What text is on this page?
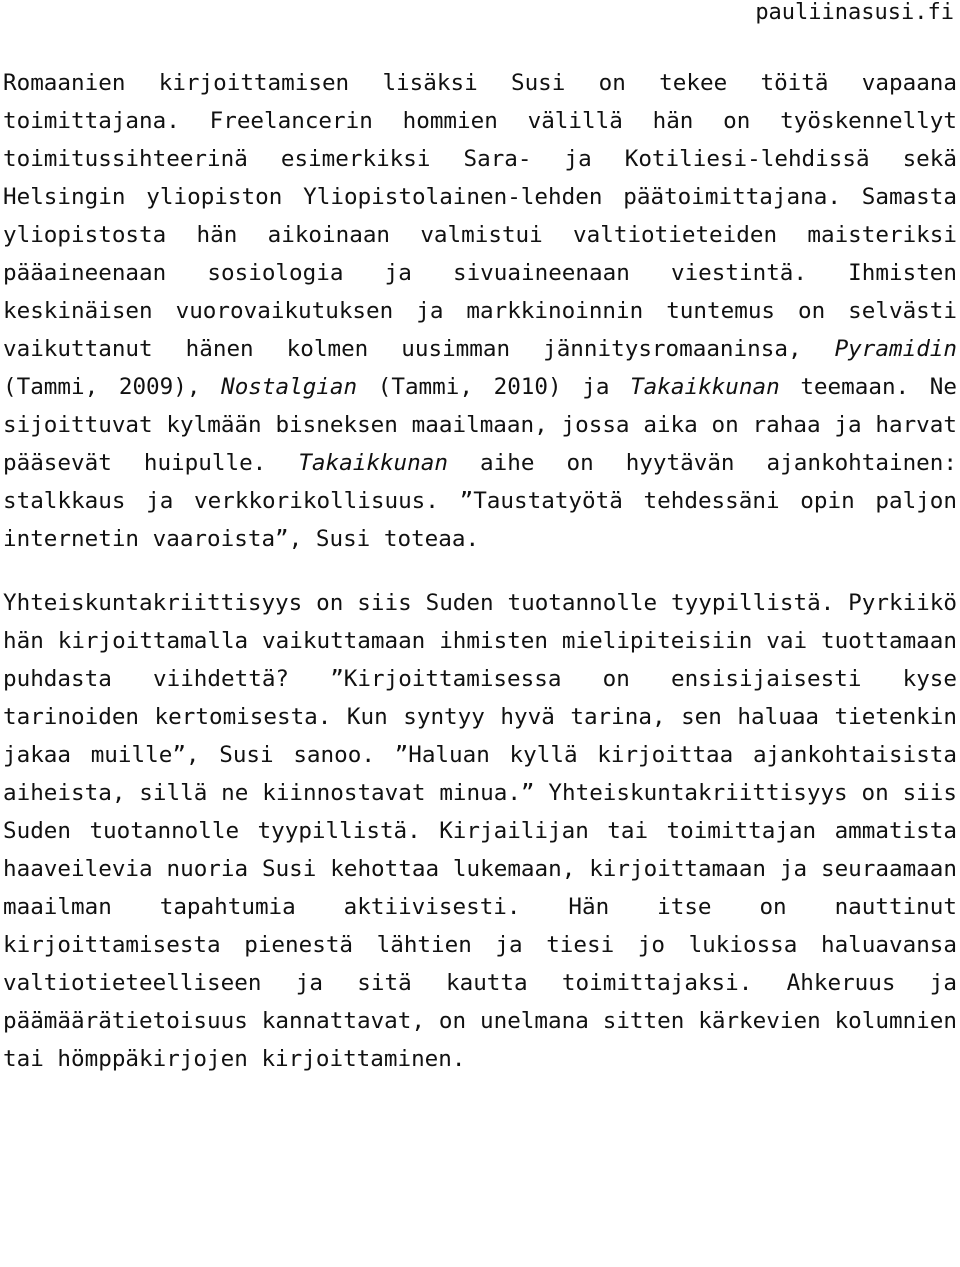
pauliinasusi.fi

Romaanien kirjoittamisen lisäksi Susi on tekee töitä vapaana toimittajana. Freelancerin hommien välillä hän on työskennellyt toimitussihteerinä esimerkiksi Sara- ja Kotiliesi-lehdissä sekä Helsingin yliopiston Yliopistolainen-lehden päätoimittajana. Samasta yliopistosta hän aikoinaan valmistui valtiotieteiden maisteriksi pääaineenaan sosiologia ja sivuaineenaan viestintä. Ihmisten keskinäisen vuorovaikutuksen ja markkinoinnin tuntemus on selvästi vaikuttanut hänen kolmen uusimman jännitysromaaninsa, Pyramidin (Tammi, 2009), Nostalgian (Tammi, 2010) ja Takaikkunan teemaan. Ne sijoittuvat kylmään bisneksen maailmaan, jossa aika on rahaa ja harvat pääsevät huipulle. Takaikkunan aihe on hyytävän ajankohtainen: stalkkaus ja verkkorikollisuus. ”Taustatyötä tehdessäni opin paljon internetin vaaroista”, Susi toteaa.

Yhteiskuntakriittisyys on siis Suden tuotannolle tyypillistä. Pyrkiikö hän kirjoittamalla vaikuttamaan ihmisten mielipiteisiin vai tuottamaan puhdasta viihdettä? ”Kirjoittamisessa on ensisijaisesti kyse tarinoiden kertomisesta. Kun syntyy hyvä tarina, sen haluaa tietenkin jakaa muille”, Susi sanoo. ”Haluan kyllä kirjoittaa ajankohtaisista aiheista, sillä ne kiinnostavat minua.” Yhteiskuntakriittisyys on siis Suden tuotannolle tyypillistä. Kirjailijan tai toimittajan ammatista haaveilevia nuoria Susi kehottaa lukemaan, kirjoittamaan ja seuraamaan maailman tapahtumia aktiivisesti. Hän itse on nauttinut kirjoittamisesta pienestä lähtien ja tiesi jo lukiossa haluavansa valtiotieteelliseen ja sitä kautta toimittajaksi. Ahkeruus ja päämäärätietoisuus kannattavat, on unelmana sitten kärkevien kolumnien tai hömppäkirjojen kirjoittaminen.
